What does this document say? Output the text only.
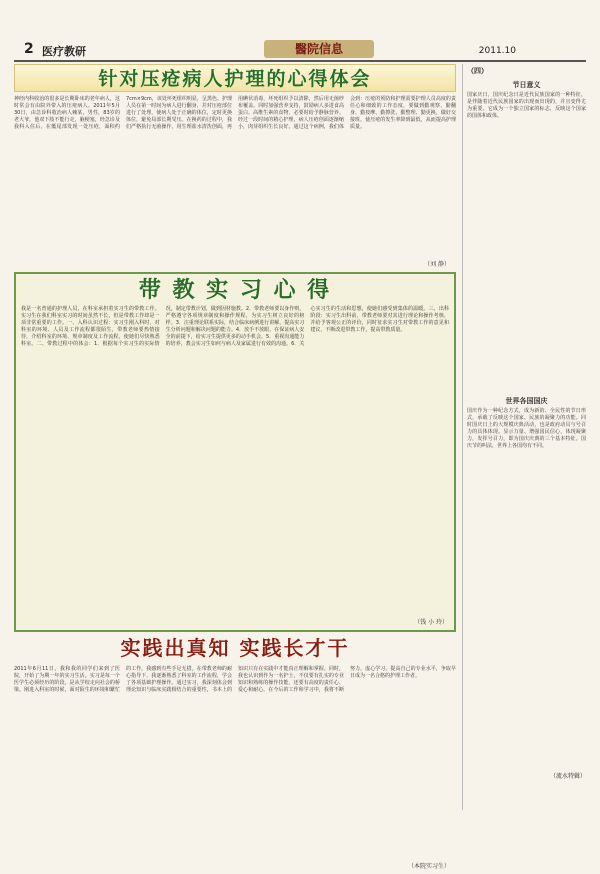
2 医疗教研	醫院信息	2011.10
针对压疮病人护理的心得体会
神经内科收治的很多是长期卧床的老年病人，这时常会有由院外带入的压疮病人。2011年5月30日，由急诊科收治病人赖某，男性，83岁的老大爷，他双下肢不能行走，脑梗塞，经急诊及我科入住后，在骶尾部发现一处压疮，面积约7cm×9cm，该处坏死组织明显，呈黑色。护理人员在第一时间为病人进行翻身，并对压疮部位进行了处理，使病人处于正确的体位，定时更换体位，避免局部长期受压。在换药的过程中，我们严格执行无菌操作，用生理盐水清洗创面，再用碘伏消毒，坏死组织予以清除，然后用无菌纱布覆盖。同时加强营养支持，鼓励病人多进食高蛋白、高维生素的食物，必要时给予静脉营养。经过一段时间的精心护理，病人压疮创面逐渐缩小，肉芽组织生长良好。通过这个病例，我们体会到：压疮的预防和护理需要护理人员高度的责任心和细致的工作态度，要做到勤观察、勤翻身、勤按摩、勤擦洗、勤整理、勤更换，做好交接班，使压疮的发生率降到最低，从而提高护理质量。
（刘 静）
带 教 实 习 心 得
我是一名普通的护理人员，在科室承担着实习生的带教工作。实习生在我们科室实习的时间虽然不长，但是带教工作却是一项非常重要的工作。一、入科认识过程：实习生刚入科时，对科室的环境、人员及工作流程都很陌生，带教老师要热情接待，介绍科室的环境、规章制度及工作流程，使她们尽快熟悉科室。二、带教过程中的体会：1．根据每个实习生的实际情况，制定带教计划，做到因材施教。2．带教老师要以身作则，严格遵守各项规章制度和操作规程，为实习生树立良好的榜样。3．注重理论联系实际，结合临床病例进行讲解，提高实习生分析问题和解决问题的能力。4．放手不放眼，在保证病人安全的前提下，给实习生提供更多的动手机会。5．重视沟通能力的培养，教会实习生如何与病人及家属进行有效的沟通。6．关心实习生的生活和思想，使她们感受到集体的温暖。三、出科阶段：实习生出科前，带教老师要对其进行理论和操作考核，并给予客观公正的评价，同时征求实习生对带教工作的意见和建议，不断改进带教工作，提高带教质量。
（钱 小 玲）
实践出真知 实践长才干
2011年6月11日，我和我的同学们来到了医院，开始了为期一年的实习生活。实习是每一个医学生必须经历的阶段，是从学校走向社会的桥梁。刚进入科室的时候，面对陌生的环境和繁忙的工作，我感到有些手足无措。在带教老师的耐心指导下，我逐渐熟悉了科室的工作流程，学会了各项基础护理操作。通过实习，我深刻体会到理论知识与临床实践相结合的重要性，书本上的知识只有在实践中才能真正理解和掌握。同时，我也认识到作为一名护士，不仅要有扎实的专业知识和熟练的操作技能，还要有高度的责任心、爱心和耐心。在今后的工作和学习中，我将不断努力，虚心学习，提高自己的专业水平，争取早日成为一名合格的护理工作者。
（本院实习生）
（四）
节日意义
国家庆日，国庆纪念日是近代民族国家的一种特征，是伴随着近代民族国家的出现而出现的，并且变得尤为重要。它成为一个独立国家的标志，反映这个国家的国体和政体。
世界各国国庆
国庆作为一种纪念方式，成为新的、全民性的节日形式，承载了反映这个国家、民族的凝聚力的功能。同时国庆日上的大规模庆典活动，也是政府动员与号召力的具体体现。显示力量、增强国民信心，体现凝聚力，发挥号召力，即为国庆庆典的三个基本特征。国庆节的叫法，世界上各国均有不同。
（流水特辑）
